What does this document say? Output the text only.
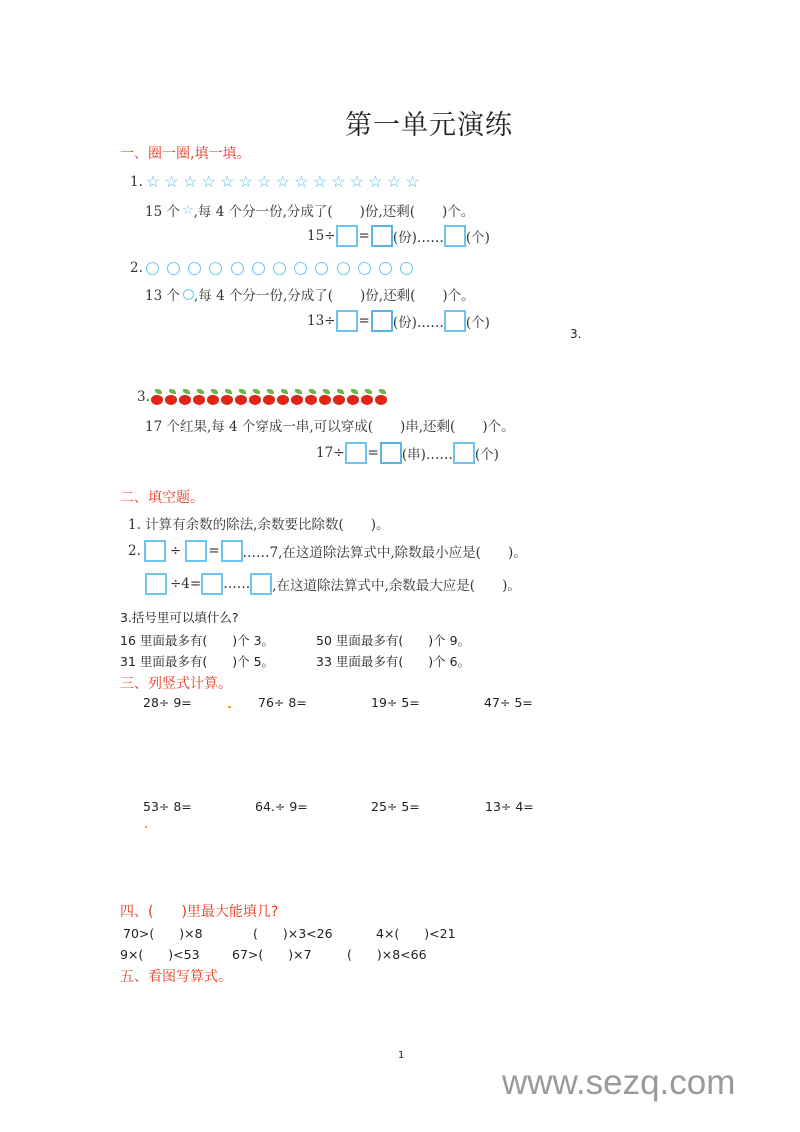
第一单元演练
一、圈一圈,填一填。
1. ☆ ☆ ☆ ☆ ☆ ☆ ☆ ☆ ☆ ☆ ☆ ☆ ☆ ☆ ☆
15 个 ☆ ,每 4 个分一份,分成了(　　)份,还剩(　　)个。
15÷ = (份)…… (个)
2.
13 个 ,每 4 个分一份,分成了(　　)份,还剩(　　)个。
13÷ = (份)…… (个)
3.
3.
17 个红果,每 4 个穿成一串,可以穿成(　　)串,还剩(　　)个。
17÷ = (串)…… (个)
二、填空题。
1. 计算有余数的除法,余数要比除数(　　)。
2. ÷ = ……7,在这道除法算式中,除数最小应是(　　)。
÷4= …… ,在这道除法算式中,余数最大应是(　　)。
3.括号里可以填什么?
16 里面最多有(　　)个 3。	50 里面最多有(　　)个 9。
31 里面最多有(　　)个 5。	33 里面最多有(　　)个 6。
三、列竖式计算。
28÷ 9=	76÷ 8=	19÷ 5=	47÷ 5=
53÷ 8=	64.÷ 9=	25÷ 5=	13÷ 4=
四、(　　)里最大能填几?
70>(　　)×8	(　　)×3<26	4×(　　)<21
9×(　　)<53	67>(　　)×7	(　　)×8<66
五、看图写算式。
1
www.sezq.com
